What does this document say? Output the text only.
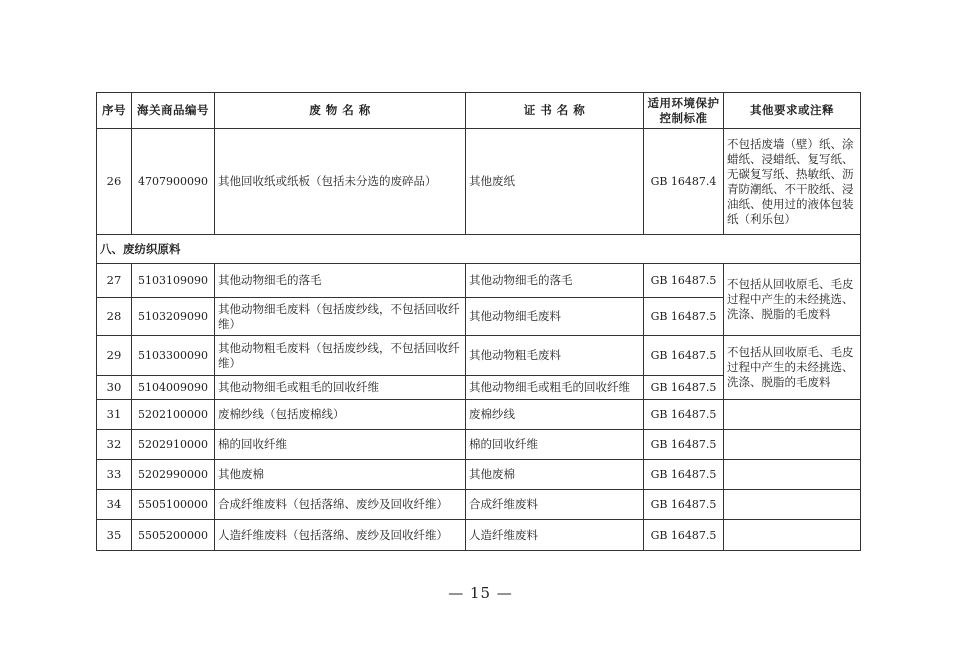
序号	海关商品编号	废 物 名 称	证 书 名 称	适用环境保护控制标准	其他要求或注释
26	4707900090	其他回收纸或纸板（包括未分选的废碎品）	其他废纸	GB 16487.4	不包括废墙（壁）纸、涂蜡纸、浸蜡纸、复写纸、无碳复写纸、热敏纸、沥青防潮纸、不干胶纸、浸油纸、使用过的液体包装纸（利乐包）
八、废纺织原料					
27	5103109090	其他动物细毛的落毛	其他动物细毛的落毛	GB 16487.5	不包括从回收原毛、毛皮过程中产生的未经挑选、洗涤、脱脂的毛废料
28	5103209090	其他动物细毛废料（包括废纱线，不包括回收纤维）	其他动物细毛废料	GB 16487.5	
29	5103300090	其他动物粗毛废料（包括废纱线，不包括回收纤维）	其他动物粗毛废料	GB 16487.5	不包括从回收原毛、毛皮过程中产生的未经挑选、洗涤、脱脂的毛废料
30	5104009090	其他动物细毛或粗毛的回收纤维	其他动物细毛或粗毛的回收纤维	GB 16487.5	
31	5202100000	废棉纱线（包括废棉线）	废棉纱线	GB 16487.5	
32	5202910000	棉的回收纤维	棉的回收纤维	GB 16487.5	
33	5202990000	其他废棉	其他废棉	GB 16487.5	
34	5505100000	合成纤维废料（包括落绵、废纱及回收纤维）	合成纤维废料	GB 16487.5	
35	5505200000	人造纤维废料（包括落绵、废纱及回收纤维）	人造纤维废料	GB 16487.5	
— 15 —
